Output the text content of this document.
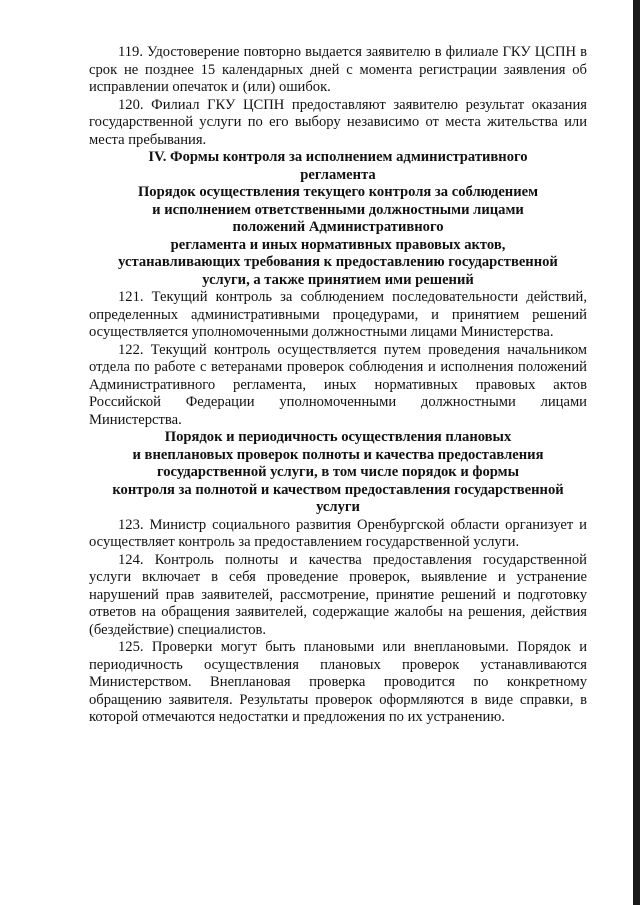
119. Удостоверение повторно выдается заявителю в филиале ГКУ ЦСПН в срок не позднее 15 календарных дней с момента регистрации заявления об исправлении опечаток и (или) ошибок.

120. Филиал ГКУ ЦСПН предоставляют заявителю результат оказания государственной услуги по его выбору независимо от места жительства или места пребывания.

IV. Формы контроля за исполнением административного
регламента
Порядок осуществления текущего контроля за соблюдением
и исполнением ответственными должностными лицами
положений Административного
регламента и иных нормативных правовых актов,
устанавливающих требования к предоставлению государственной
услуги, а также принятием ими решений

121. Текущий контроль за соблюдением последовательности действий, определенных административными процедурами, и принятием решений осуществляется уполномоченными должностными лицами Министерства.

122. Текущий контроль осуществляется путем проведения начальником отдела по работе с ветеранами проверок соблюдения и исполнения положений Административного регламента, иных нормативных правовых актов Российской Федерации уполномоченными должностными лицами Министерства.

Порядок и периодичность осуществления плановых
и внеплановых проверок полноты и качества предоставления
государственной услуги, в том числе порядок и формы
контроля за полнотой и качеством предоставления государственной
услуги

123. Министр социального развития Оренбургской области организует и осуществляет контроль за предоставлением государственной услуги.

124. Контроль полноты и качества предоставления государственной услуги включает в себя проведение проверок, выявление и устранение нарушений прав заявителей, рассмотрение, принятие решений и подготовку ответов на обращения заявителей, содержащие жалобы на решения, действия (бездействие) специалистов.

125. Проверки могут быть плановыми или внеплановыми. Порядок и периодичность осуществления плановых проверок устанавливаются Министерством. Внеплановая проверка проводится по конкретному обращению заявителя. Результаты проверок оформляются в виде справки, в которой отмечаются недостатки и предложения по их устранению.
